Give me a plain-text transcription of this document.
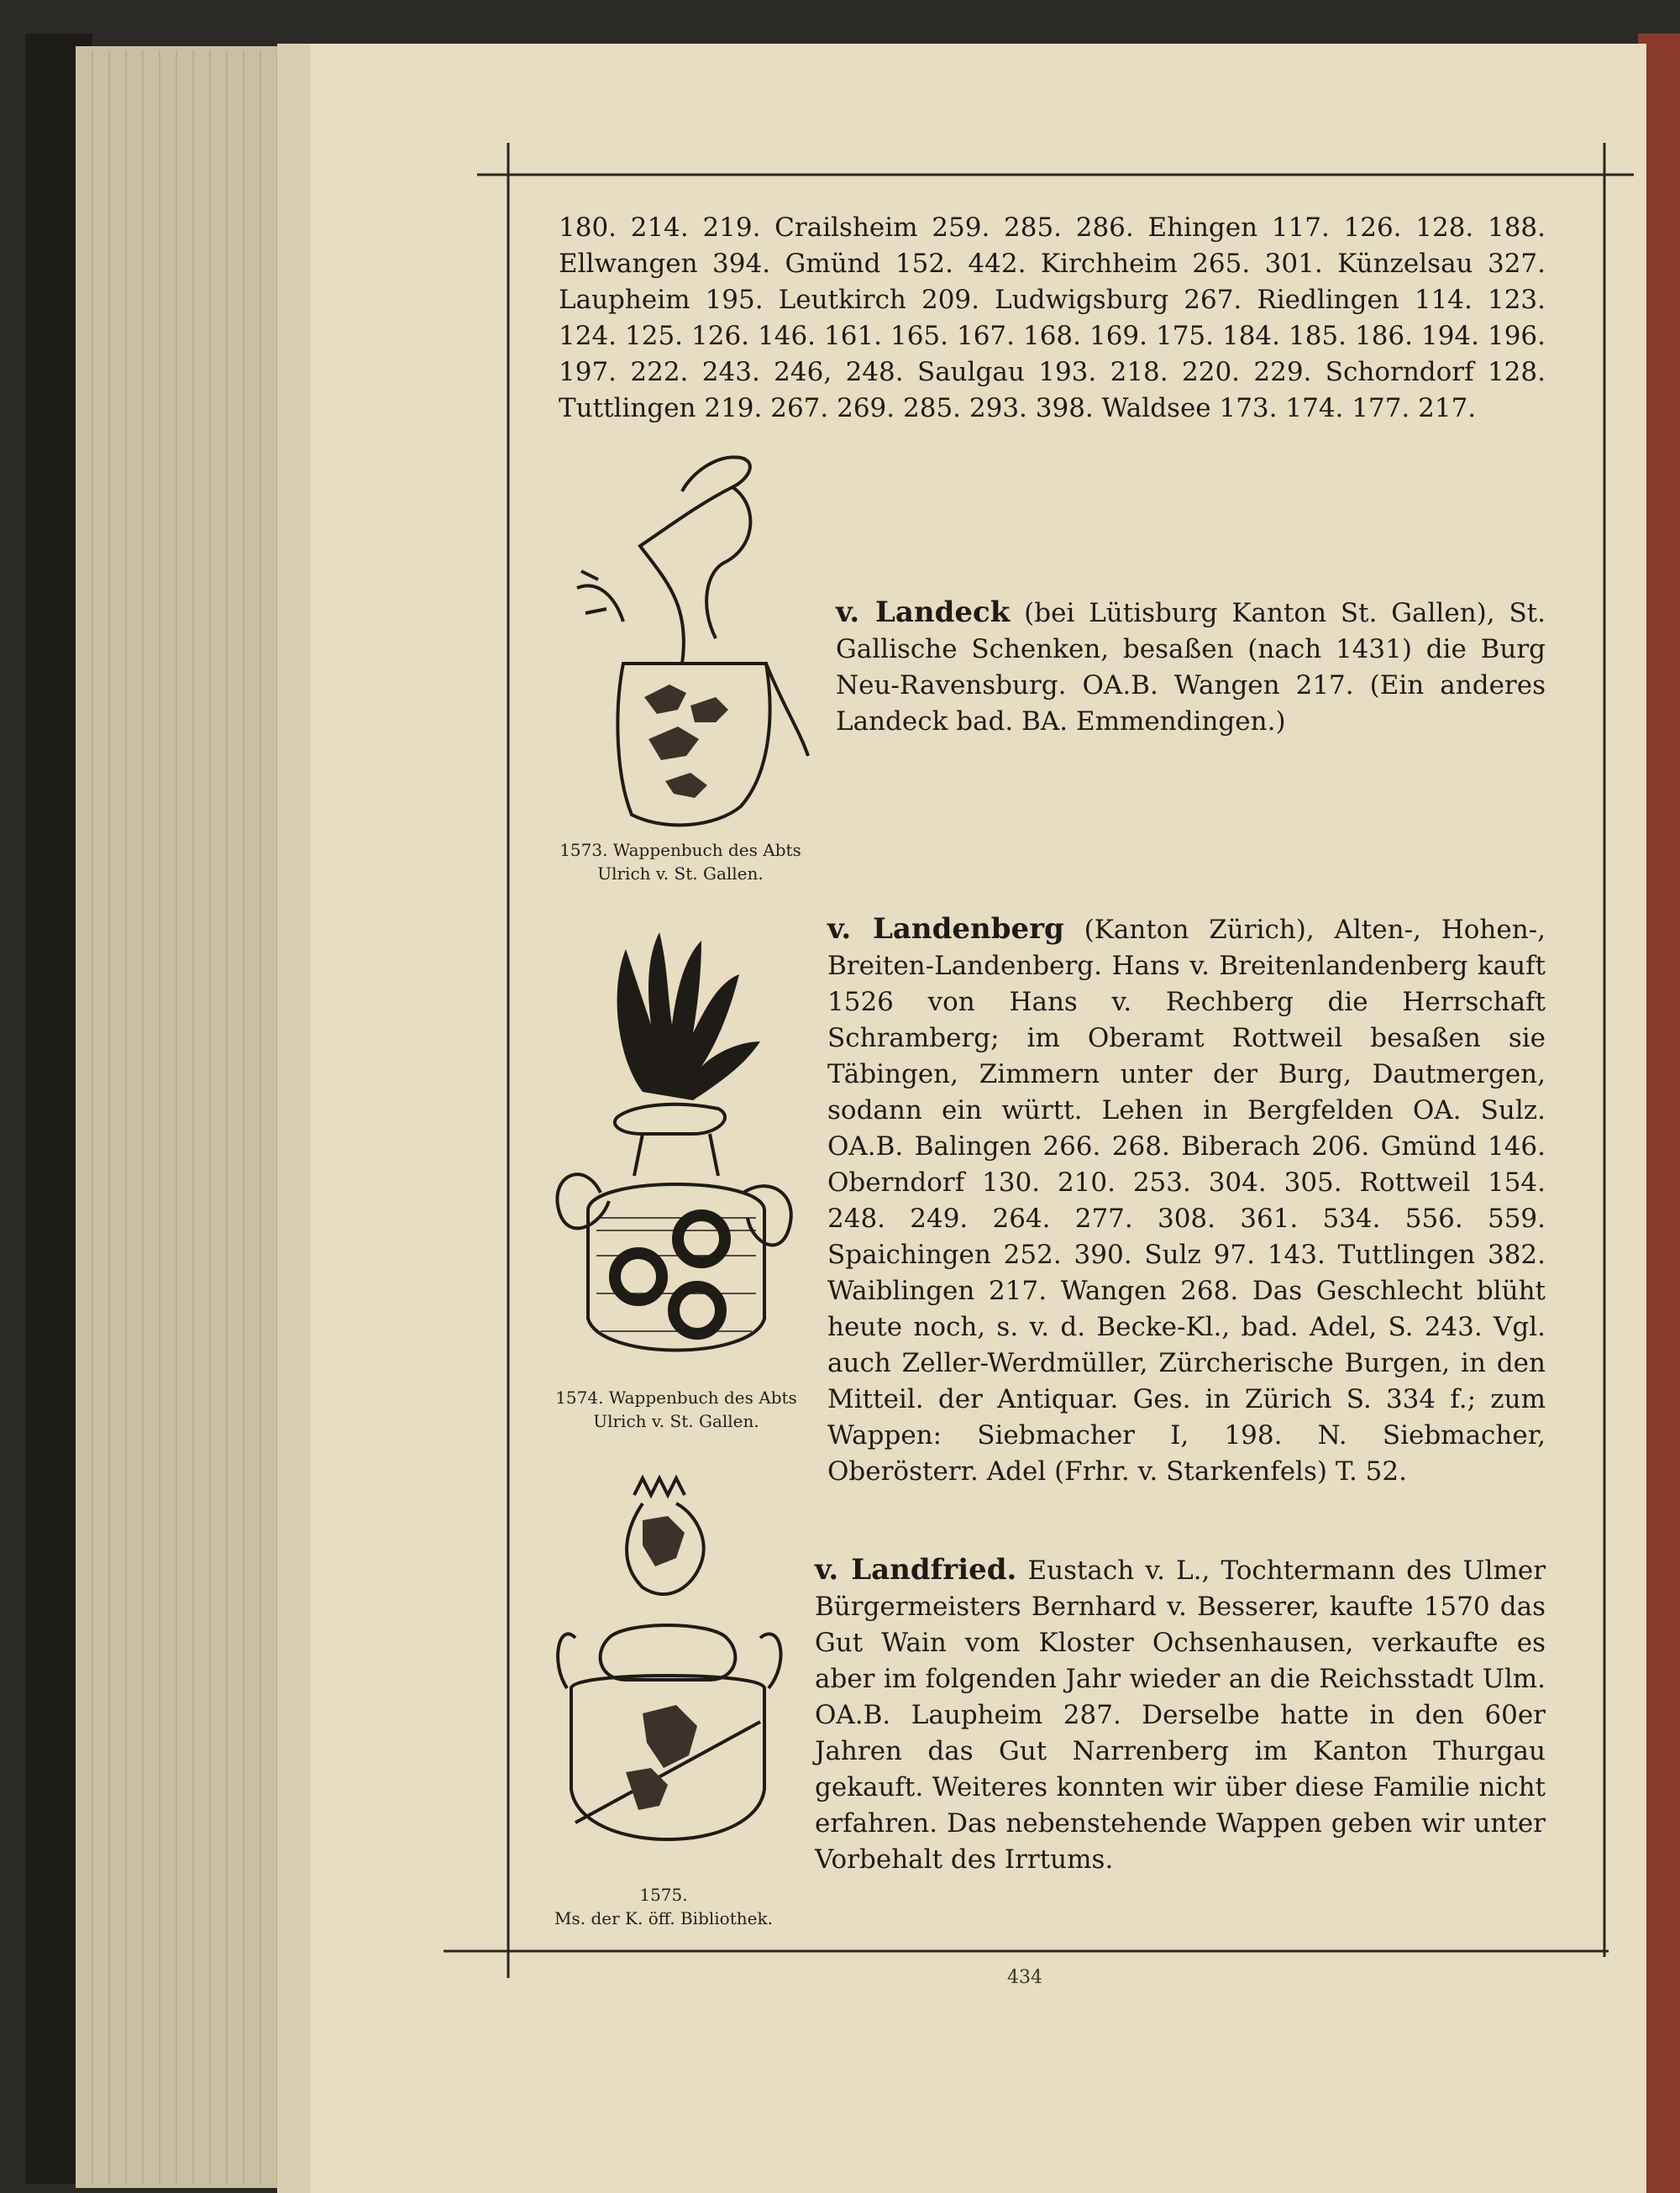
180. 214. 219. Crailsheim 259. 285. 286. Ehingen 117. 126. 128. 188. Ellwangen 394. Gmünd 152. 442. Kirchheim 265. 301. Künzelsau 327. Laupheim 195. Leutkirch 209. Ludwigsburg 267. Riedlingen 114. 123. 124. 125. 126. 146. 161. 165. 167. 168. 169. 175. 184. 185. 186. 194. 196. 197. 222. 243. 246, 248. Saulgau 193. 218. 220. 229. Schorndorf 128. Tuttlingen 219. 267. 269. 285. 293. 398. Waldsee 173. 174. 177. 217.

1573. Wappenbuch des Abts
Ulrich v. St. Gallen.

v. Landeck (bei Lütisburg Kanton St. Gallen), St. Gallische Schenken, besaßen (nach 1431) die Burg Neu-Ravensburg. OA.B. Wangen 217. (Ein anderes Landeck bad. BA. Emmendingen.)

1574. Wappenbuch des Abts
Ulrich v. St. Gallen.

v. Landenberg (Kanton Zürich), Alten-, Hohen-, Breiten-Landenberg. Hans v. Breitenlandenberg kauft 1526 von Hans v. Rechberg die Herrschaft Schramberg; im Oberamt Rottweil besaßen sie Täbingen, Zimmern unter der Burg, Dautmergen, sodann ein württ. Lehen in Bergfelden OA. Sulz. OA.B. Balingen 266. 268. Biberach 206. Gmünd 146. Oberndorf 130. 210. 253. 304. 305. Rottweil 154. 248. 249. 264. 277. 308. 361. 534. 556. 559. Spaichingen 252. 390. Sulz 97. 143. Tuttlingen 382. Waiblingen 217. Wangen 268. Das Geschlecht blüht heute noch, s. v. d. Becke-Kl., bad. Adel, S. 243. Vgl. auch Zeller-Werdmüller, Zürcherische Burgen, in den Mitteil. der Antiquar. Ges. in Zürich S. 334 f.; zum Wappen: Siebmacher I, 198. N. Siebmacher, Oberösterr. Adel (Frhr. v. Starkenfels) T. 52.

1575.
Ms. der K. öff. Bibliothek.

v. Landfried. Eustach v. L., Tochtermann des Ulmer Bürgermeisters Bernhard v. Besserer, kaufte 1570 das Gut Wain vom Kloster Ochsenhausen, verkaufte es aber im folgenden Jahr wieder an die Reichsstadt Ulm. OA.B. Laupheim 287. Derselbe hatte in den 60er Jahren das Gut Narrenberg im Kanton Thurgau gekauft. Weiteres konnten wir über diese Familie nicht erfahren. Das nebenstehende Wappen geben wir unter Vorbehalt des Irrtums.

434
